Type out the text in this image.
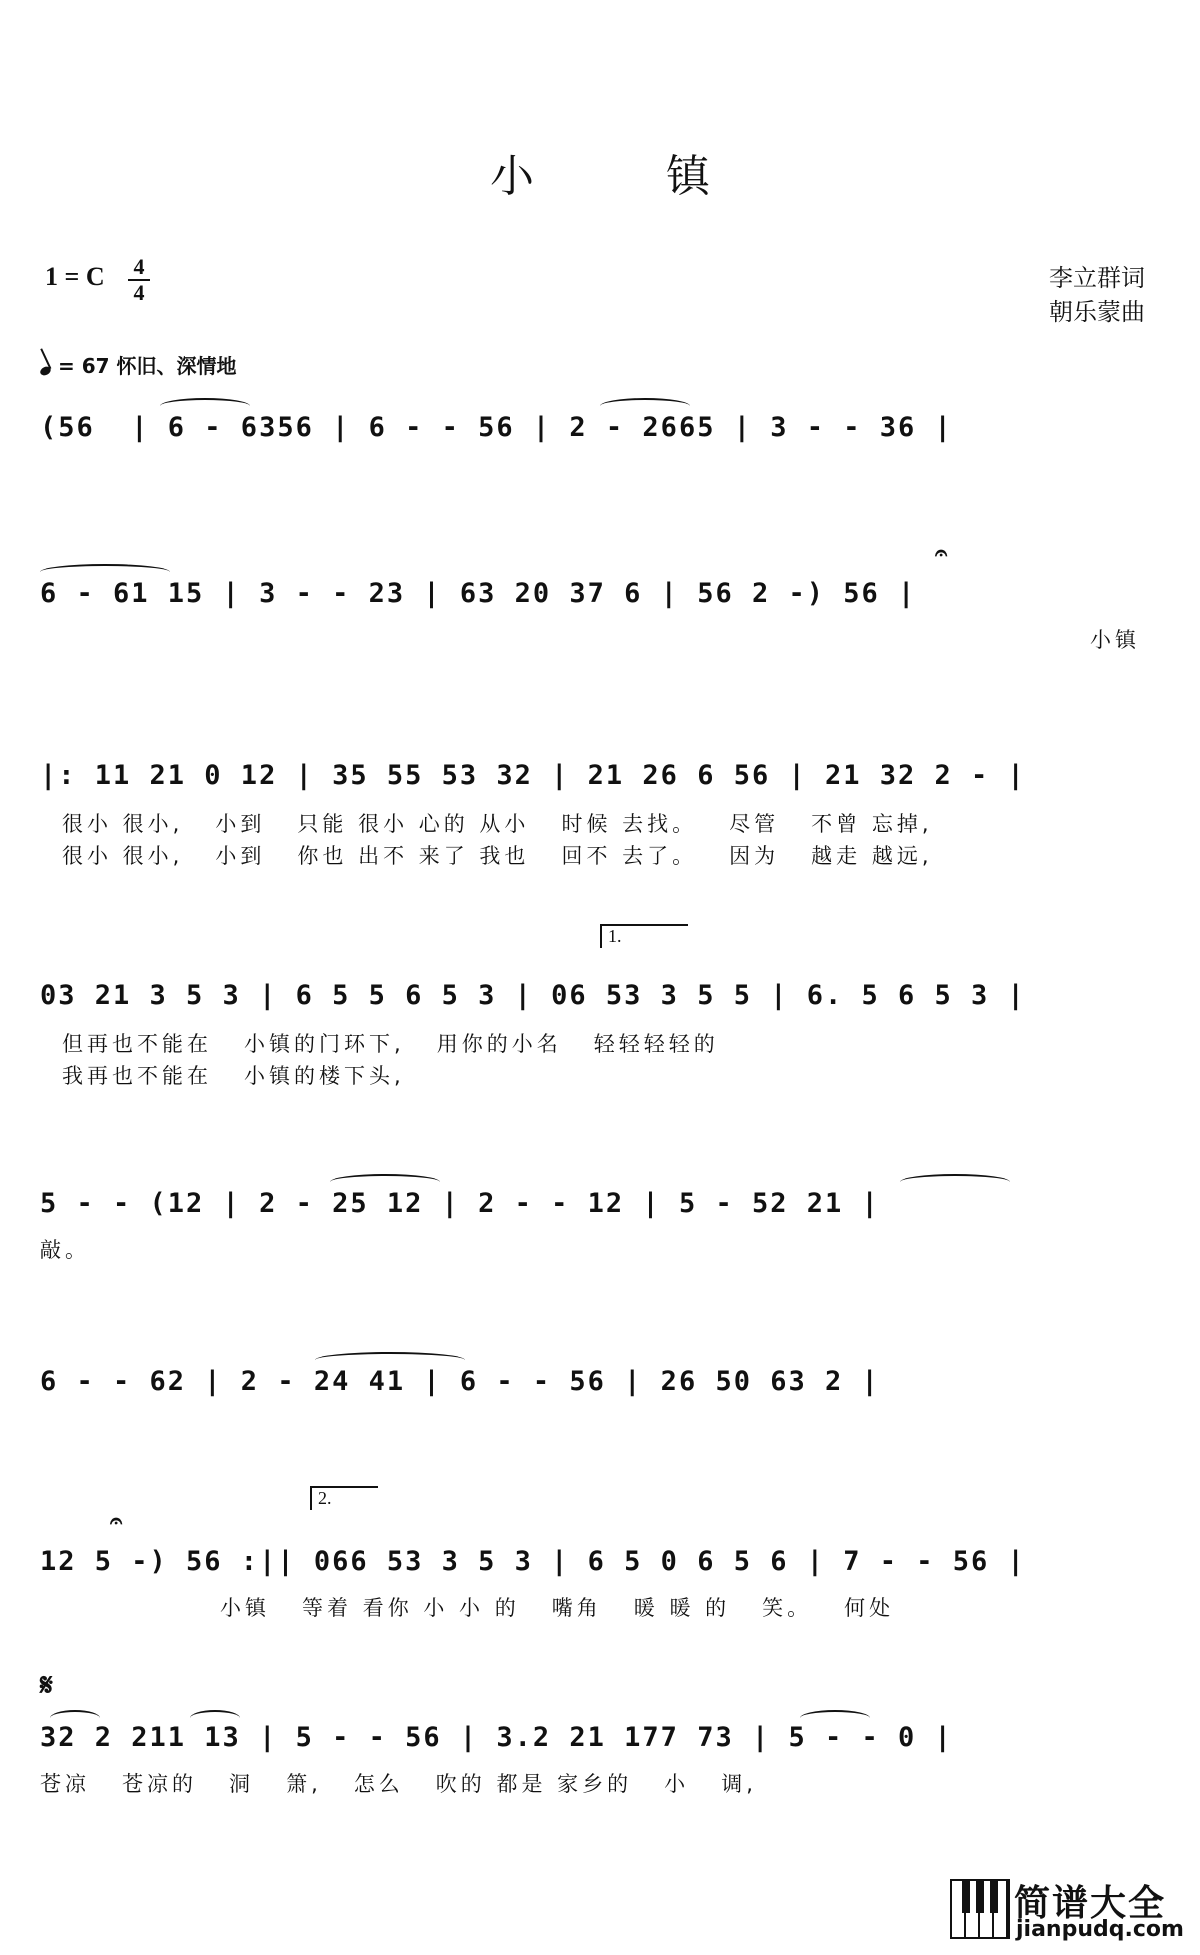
小　　　镇
1 = C 4
4
李立群词
朝乐蒙曲
= 67 怀旧、深情地
(56  | 6 - 6356 | 6 - - 56 | 2 - 2665 | 3 - - 36 |
6 - 61 15 | 3 - - 23 | 63 20 37 6 | 56 2 -) 56 |
𝄐
小镇
|: 11 21 0 12 | 35 55 53 32 | 21 26 6 56 | 21 32 2 - |
很小 很小,   小到   只能 很小 心的 从小   时候 去找。   尽管   不曾 忘掉,
很小 很小,   小到   你也 出不 来了 我也   回不 去了。   因为   越走 越远,
1.
03 21 3 5 3 | 6 5 5 6 5 3 | 06 53 3 5 5 | 6. 5 6 5 3 |
但再也不能在   小镇的门环下,   用你的小名   轻轻轻轻的
我再也不能在   小镇的楼下头,
5 - - (12 | 2 - 25 12 | 2 - - 12 | 5 - 52 21 |
敲。
6 - - 62 | 2 - 24 41 | 6 - - 56 | 26 50 63 2 |
2.
𝄐
12 5 -) 56 :|| 066 53 3 5 3 | 6 5 0 6 5 6 | 7 - - 56 |
小镇   等着 看你 小 小 的   嘴角   暖 暖 的   笑。   何处
𝄋
32 2 211 13 | 5 - - 56 | 3.2 21 177 73 | 5 - - 0 |
苍凉   苍凉的   洞   箫,   怎么   吹的 都是 家乡的   小   调,
简谱大全
jianpudq.com
